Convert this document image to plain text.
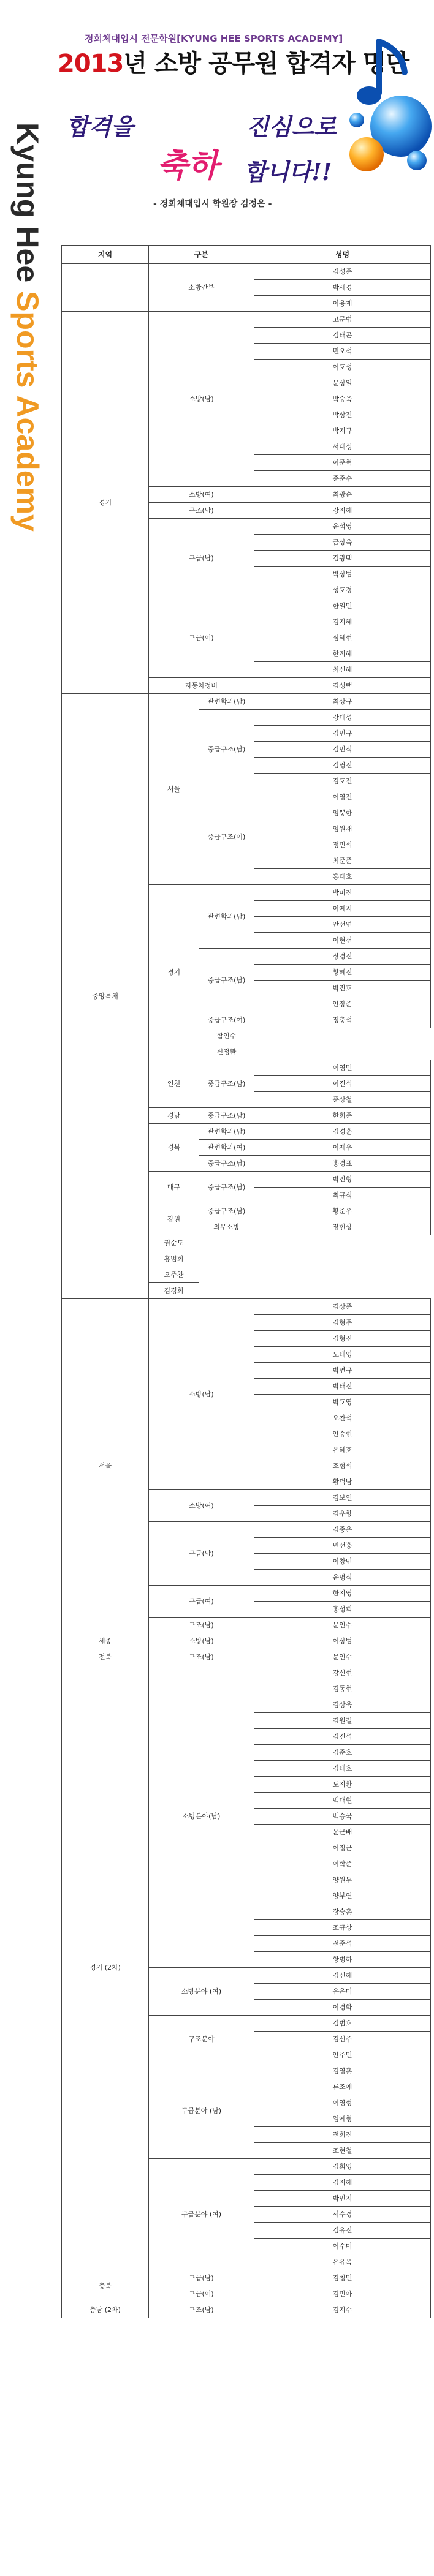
경희체대입시 전문학원[KYUNG HEE SPORTS ACADEMY]
2013년 소방 공무원 합격자 명단
합격을	진심으로
축하 합니다!!
- 경희체대입시 학원장 김정은 -
Kyung Hee Sports Academy
지역	구분		성명
	소방간부		김성준
			박세경
			이용재
경기	소방(남)		고문범
			김태곤
			민오석
			이호성
			문상일
			박승욱
			박상진
			박지규
			서대성
			이준혁
			준준수
	소방(여)		최광순
	구조(남)		강지혜
	구급(남)		윤석영
			금상욱
			김광택
			박상범
			성호경
	구급(여)		한일민
			김지혜
			심혜현
			한지혜
			최신혜
	자동차정비		김성택
중앙특채	서울	관련학과(남)	최상규
		중급구조(남)	강대성
			김민규
			김민식
			김영진
			김호진
		중급구조(여)	이영진
			임뿡한
			임원재
			정민석
			최준준
			홍태호
	경기	관련학과(남)	박미진
			이예지
			안선연
			이현선
		중급구조(남)	장경진
			황혜진
			박진호
			안장준
		중급구조(여)	정충석
		함인수	
		신정환	
	인천	중급구조(남)	이영민
			이진석
			준상철
	경남	중급구조(남)	한희준
	경북	관련학과(남)	김경훈
		관련학과(여)	이재우
		중급구조(남)	홍경표
	대구	중급구조(남)	박진형
			최규식
	강원	중급구조(남)	황준우
		의무소방	장현상
	권순도		
	홍범희		
	오주찬		
	김경희		
서울	소방(남)		김상준
			김형주
			김형진
			노태영
			박연규
			박태진
			박호영
			오찬석
			안승현
			유혜호
			조형석
			황덕남
	소방(여)		김보연
			김우향
	구급(남)		김종은
			민선홍
			이창민
			윤명식
	구급(여)		한지영
			홍성희
	구조(남)		문인수
세종	소방(남)		이상범
전북	구조(남)		문인수
경기 (2차)	소방분야(남)		강신현
			김동현
			김상욱
			김원길
			김진석
			김준호
			김태호
			도지환
			백대현
			백승국
			윤근배
			이정근
			이학준
			양원두
			양부연
			장승훈
			조규상
			전준석
			황병하
	소방분야 (여)		김신혜
			유은미
			이경화
	구조분야		김범호
			김선주
			안주민
	구급분야 (남)		김영훈
			류조예
			이영형
			엄예형
			전희진
			조현철
	구급분야 (여)		김희영
			김지혜
			박민지
			서수경
			김유진
			이수미
			유유옥
충북	구급(남)		김청민
	구급(여)		김민아
충남 (2차)	구조(남)		김지수
